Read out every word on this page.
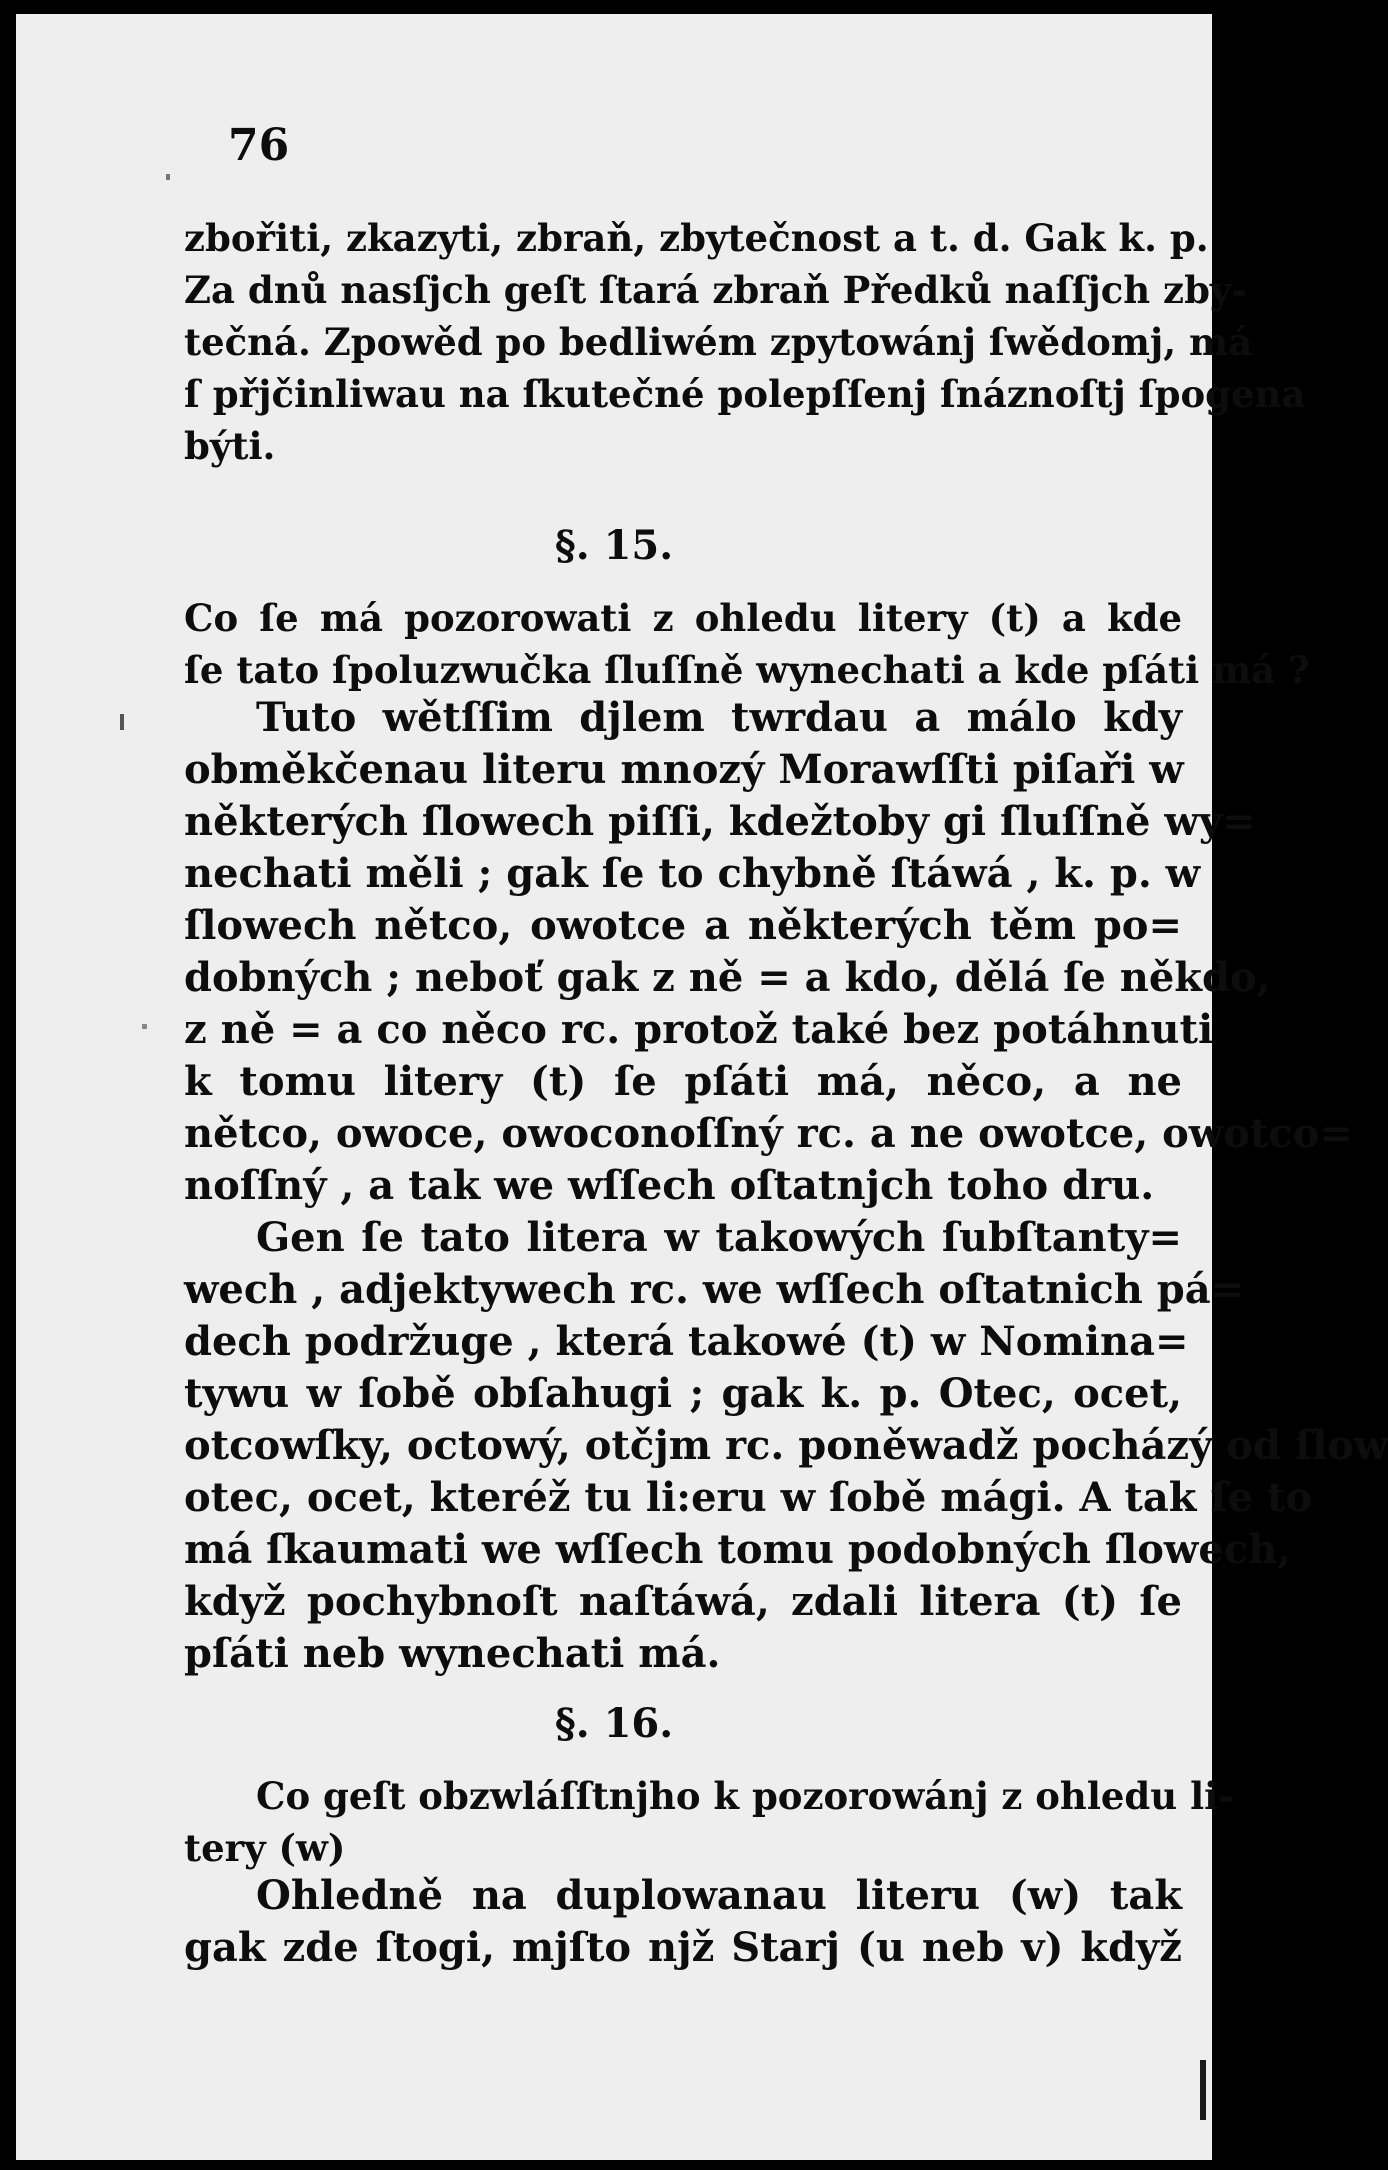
76
zbořiti, zkazyti, zbraň, zbytečnost a t. d. Gak k. p.
Za dnů nasſjch geſt ſtará zbraň Předků naſſjch zby-
tečná. Zpowěd po bedliwém zpytowánj ſwědomj, má
ſ přjčinliwau na ſkutečné polepſſenj ſnáznoſtj ſpogena
býti.
§. 15.
Co ſe má pozorowati z ohledu litery (t) a kde
ſe tato ſpoluzwučka ſluſſně wynechati a kde pſáti má ?
Tuto wětſſim djlem twrdau a málo kdy
obměkčenau literu mnozý Morawſſti piſaři w
některých ſlowech piſſi, kdežtoby gi ſluſſně wy=
nechati měli ; gak ſe to chybně ſtáwá , k. p. w
ſlowech nětco, owotce a některých těm po=
dobných ; neboť gak z ně = a kdo, dělá ſe někdo,
z ně = a co něco rc. protož také bez potáhnuti
k tomu litery (t) ſe pſáti má, něco, a ne
nětco, owoce, owoconoſſný rc. a ne owotce, owotco=
noſſný , a tak we wſſech oſtatnjch toho dru.
Gen ſe tato litera w takowých ſubſtanty=
wech , adjektywech rc. we wſſech oſtatnich pá=
dech podržuge , která takowé (t) w Nomina=
tywu w ſobě obſahugi ; gak k. p. Otec, ocet,
otcowſky, octowý, otčjm rc. poněwadž pocházý od ſlow
otec, ocet, kteréž tu li:eru w ſobě mági. A tak ſe to
má ſkaumati we wſſech tomu podobných ſlowech,
když pochybnoſt naſtáwá, zdali litera (t) ſe
pſáti neb wynechati má.
§. 16.
Co geſt obzwláſſtnjho k pozorowánj z ohledu li-
tery (w)
Ohledně na duplowanau literu (w) tak
gak zde ſtogi, mjſto njž Starj (u neb v) když
